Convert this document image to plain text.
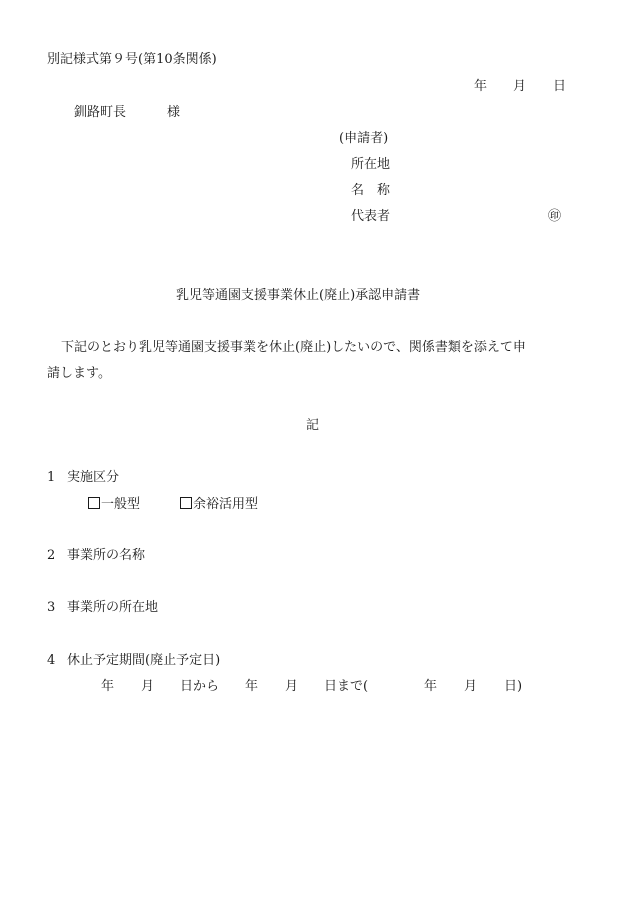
別記様式第９号(第10条関係)
年 月 日
釧路町長	様
(申請者)
所在地
名　称
代表者	㊞
乳児等通園支援事業休止(廃止)承認申請書
下記のとおり乳児等通園支援事業を休止(廃止)したいので、関係書類を添えて申
請します。
記
1 実施区分
一般型	余裕活用型
2 事業所の名称
3 事業所の所在地
4 休止予定期間(廃止予定日)
年 月 日から 年 月 日まで(	年 月 日)
